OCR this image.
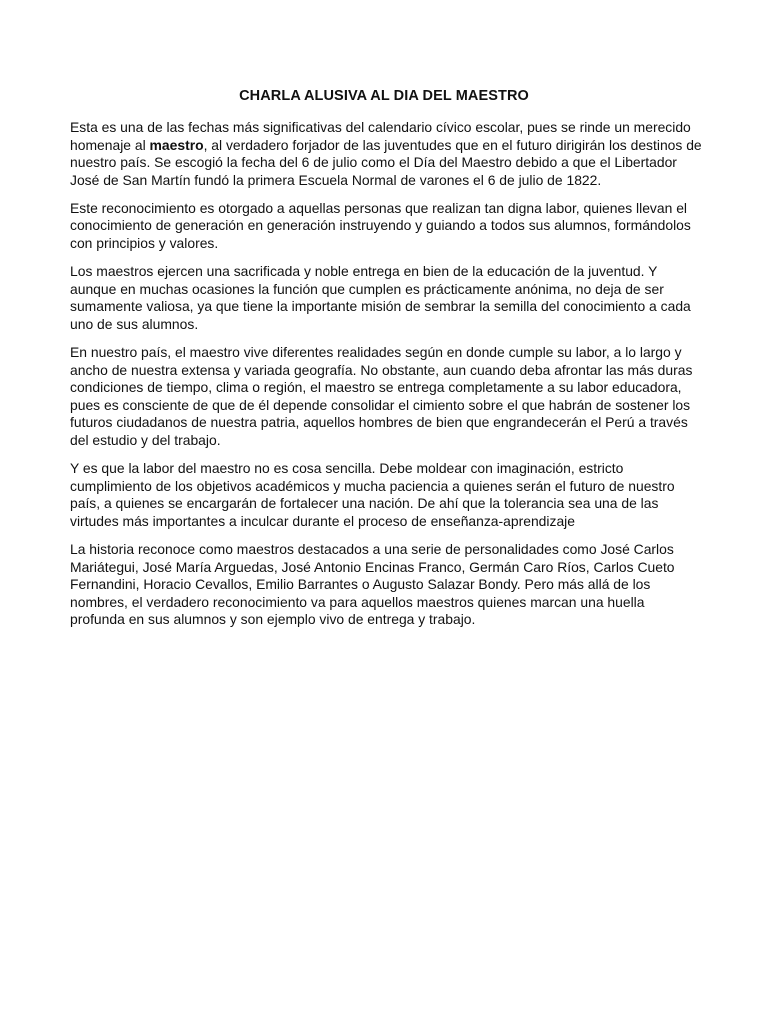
CHARLA ALUSIVA AL DIA DEL MAESTRO

Esta es una de las fechas más significativas del calendario cívico escolar, pues se rinde un merecido homenaje al maestro, al verdadero forjador de las juventudes que en el futuro dirigirán los destinos de nuestro país. Se escogió la fecha del 6 de julio como el Día del Maestro debido a que el Libertador José de San Martín fundó la primera Escuela Normal de varones el 6 de julio de 1822.

Este reconocimiento es otorgado a aquellas personas que realizan tan digna labor, quienes llevan el conocimiento de generación en generación instruyendo y guiando a todos sus alumnos, formándolos con principios y valores.

Los maestros ejercen una sacrificada y noble entrega en bien de la educación de la juventud. Y aunque en muchas ocasiones la función que cumplen es prácticamente anónima, no deja de ser sumamente valiosa, ya que tiene la importante misión de sembrar la semilla del conocimiento a cada uno de sus alumnos.

En nuestro país, el maestro vive diferentes realidades según en donde cumple su labor, a lo largo y ancho de nuestra extensa y variada geografía. No obstante, aun cuando deba afrontar las más duras condiciones de tiempo, clima o región, el maestro se entrega completamente a su labor educadora, pues es consciente de que de él depende consolidar el cimiento sobre el que habrán de sostener los futuros ciudadanos de nuestra patria, aquellos hombres de bien que engrandecerán el Perú a través del estudio y del trabajo.

Y es que la labor del maestro no es cosa sencilla. Debe moldear con imaginación, estricto cumplimiento de los objetivos académicos y mucha paciencia a quienes serán el futuro de nuestro país, a quienes se encargarán de fortalecer una nación. De ahí que la tolerancia sea una de las virtudes más importantes a inculcar durante el proceso de enseñanza-aprendizaje

La historia reconoce como maestros destacados a una serie de personalidades como José Carlos Mariátegui, José María Arguedas, José Antonio Encinas Franco, Germán Caro Ríos, Carlos Cueto Fernandini, Horacio Cevallos, Emilio Barrantes o Augusto Salazar Bondy. Pero más allá de los nombres, el verdadero reconocimiento va para aquellos maestros quienes marcan una huella profunda en sus alumnos y son ejemplo vivo de entrega y trabajo.
